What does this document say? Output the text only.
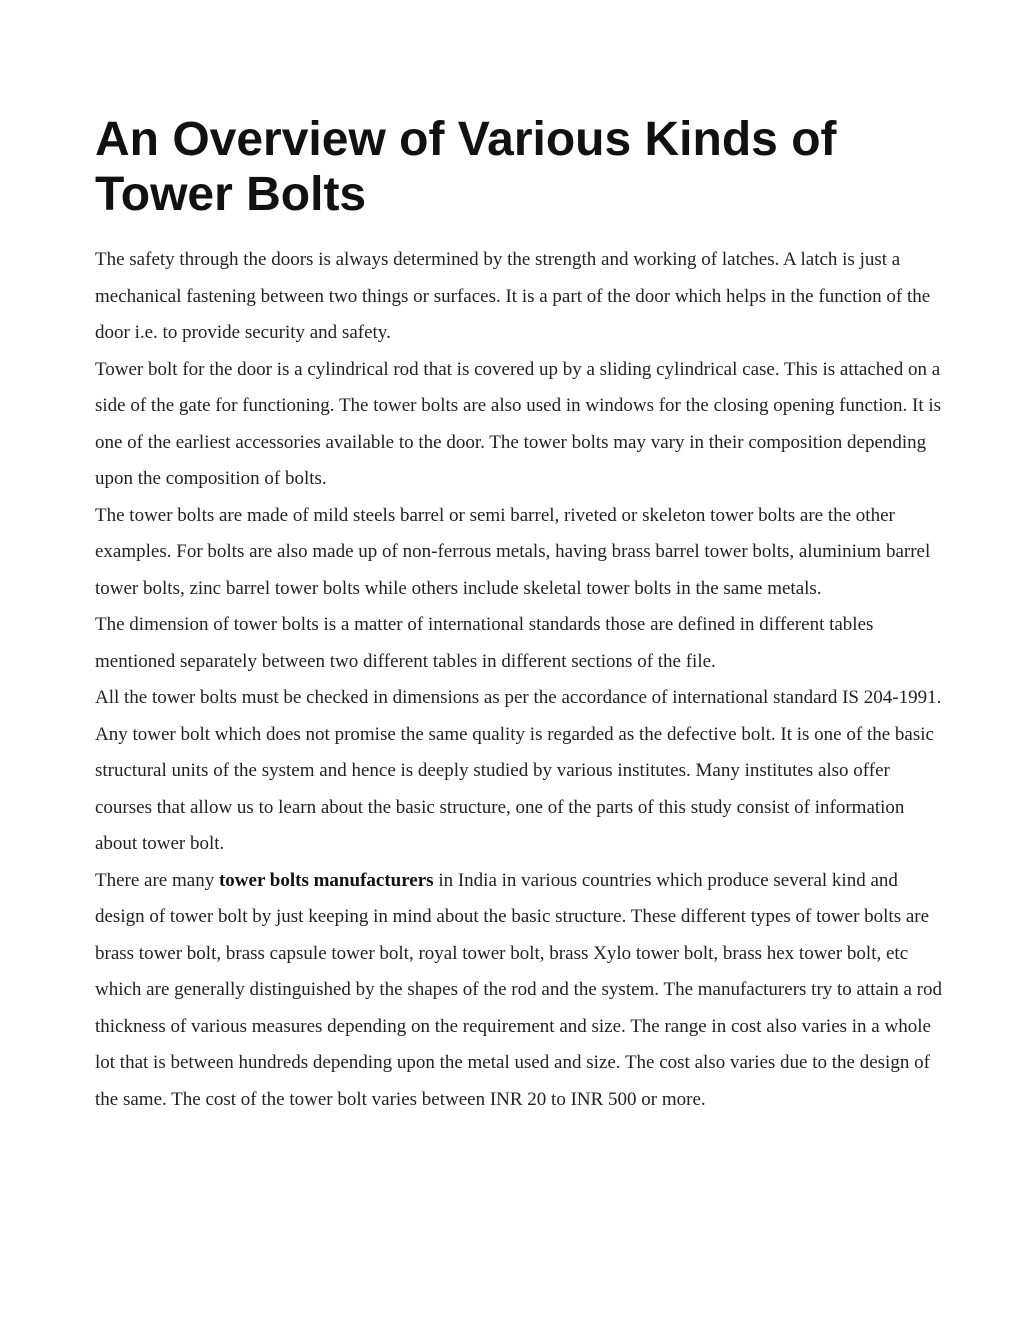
An Overview of Various Kinds of Tower Bolts

The safety through the doors is always determined by the strength and working of latches. A latch is just a mechanical fastening between two things or surfaces. It is a part of the door which helps in the function of the door i.e. to provide security and safety.

Tower bolt for the door is a cylindrical rod that is covered up by a sliding cylindrical case. This is attached on a side of the gate for functioning. The tower bolts are also used in windows for the closing opening function. It is one of the earliest accessories available to the door. The tower bolts may vary in their composition depending upon the composition of bolts.

The tower bolts are made of mild steels barrel or semi barrel, riveted or skeleton tower bolts are the other examples. For bolts are also made up of non-ferrous metals, having brass barrel tower bolts, aluminium barrel tower bolts, zinc barrel tower bolts while others include skeletal tower bolts in the same metals.

The dimension of tower bolts is a matter of international standards those are defined in different tables mentioned separately between two different tables in different sections of the file.

All the tower bolts must be checked in dimensions as per the accordance of international standard IS 204-1991. Any tower bolt which does not promise the same quality is regarded as the defective bolt. It is one of the basic structural units of the system and hence is deeply studied by various institutes. Many institutes also offer courses that allow us to learn about the basic structure, one of the parts of this study consist of information about tower bolt.

There are many tower bolts manufacturers in India in various countries which produce several kind and design of tower bolt by just keeping in mind about the basic structure. These different types of tower bolts are brass tower bolt, brass capsule tower bolt, royal tower bolt, brass Xylo tower bolt, brass hex tower bolt, etc which are generally distinguished by the shapes of the rod and the system. The manufacturers try to attain a rod thickness of various measures depending on the requirement and size. The range in cost also varies in a whole lot that is between hundreds depending upon the metal used and size. The cost also varies due to the design of the same. The cost of the tower bolt varies between INR 20 to INR 500 or more.
